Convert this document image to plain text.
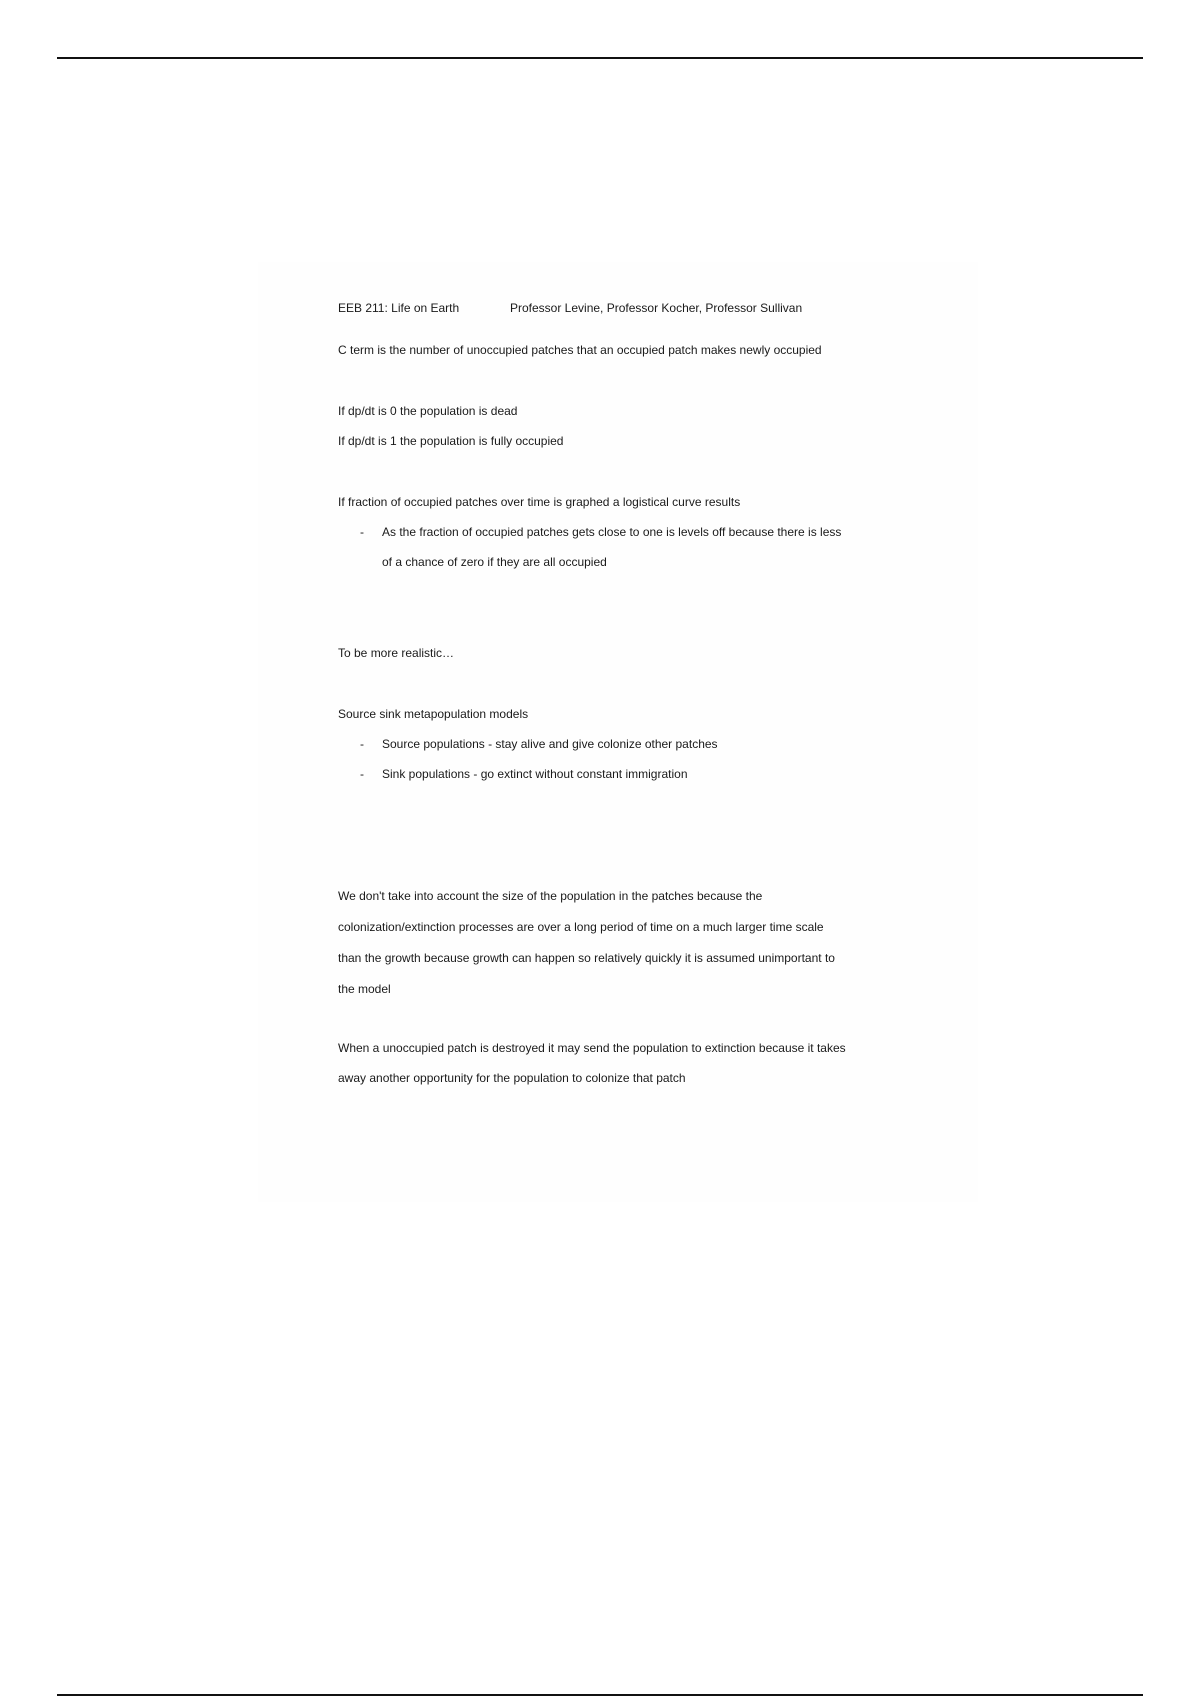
EEB 211: Life on Earth	Professor Levine, Professor Kocher, Professor Sullivan
C term is the number of unoccupied patches that an occupied patch makes newly occupied
If dp/dt is 0 the population is dead
If dp/dt is 1 the population is fully occupied
If fraction of occupied patches over time is graphed a logistical curve results
- As the fraction of occupied patches gets close to one is levels off because there is less
of a chance of zero if they are all occupied
To be more realistic…
Source sink metapopulation models
- Source populations - stay alive and give colonize other patches
- Sink populations - go extinct without constant immigration
We don't take into account the size of the population in the patches because the
colonization/extinction processes are over a long period of time on a much larger time scale
than the growth because growth can happen so relatively quickly it is assumed unimportant to
the model
When a unoccupied patch is destroyed it may send the population to extinction because it takes
away another opportunity for the population to colonize that patch
